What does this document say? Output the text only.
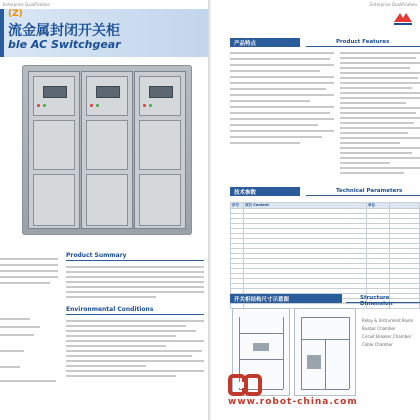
Enterprise Qualification	Enterprise Qualification
(Z)
流金属封闭开关柜
ble AC Switchgear
Product Summary
Environmental Conditions
产品特点	Product Features
技术参数	Technical Parameters
序号	项目 Content	单位	

开关柜结构尺寸示意图	Structure Dimension
Relay & Instrument Room
Busbar Chamber
Circuit Breaker Chamber
Cable Chamber
www.robot-china.com
